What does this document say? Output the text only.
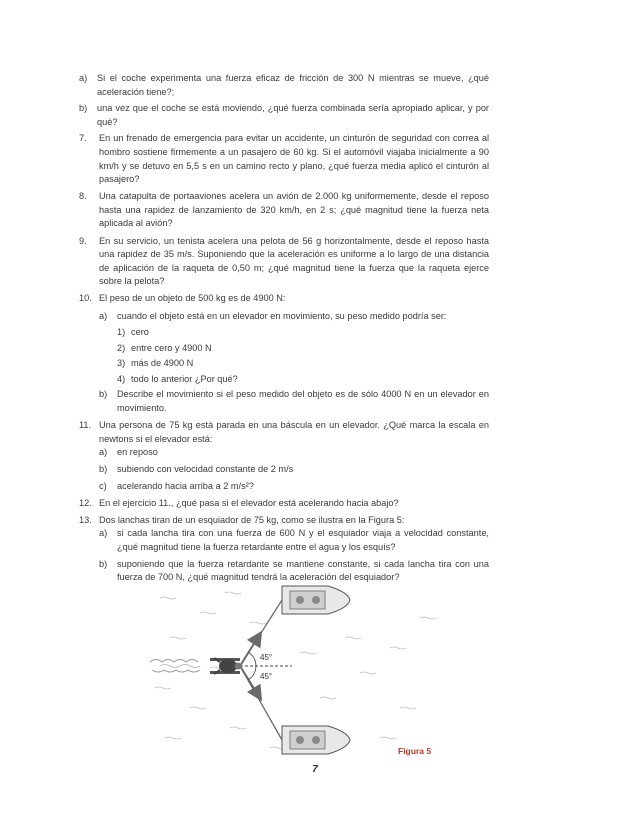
a) Si el coche experimenta una fuerza eficaz de fricción de 300 N mientras se mueve, ¿qué aceleración tiene?;
b) una vez que el coche se está moviendo, ¿qué fuerza combinada sería apropiado aplicar, y por qué?
7. En un frenado de emergencia para evitar un accidente, un cinturón de seguridad con correa al hombro sostiene firmemente a un pasajero de 60 kg. Si el automóvil viajaba inicialmente a 90 km/h y se detuvo en 5,5 s en un camino recto y plano, ¿qué fuerza media aplicó el cinturón al pasajero?
8. Una catapulta de portaaviones acelera un avión de 2.000 kg uniformemente, desde el reposo hasta una rapidez de lanzamiento de 320 km/h, en 2 s; ¿qué magnitud tiene la fuerza neta aplicada al avión?
9. En su servicio, un tenista acelera una pelota de 56 g horizontalmente, desde el reposo hasta una rapidez de 35 m/s. Suponiendo que la aceleración es uniforme a lo largo de una distancia de aplicación de la raqueta de 0,50 m; ¿qué magnitud tiene la fuerza que la raqueta ejerce sobre la pelota?
10. El peso de un objeto de 500 kg es de 4900 N:
a) cuando el objeto está en un elevador en movimiento, su peso medido podría ser:
1) cero
2) entre cero y 4900 N
3) más de 4900 N
4) todo lo anterior ¿Por qué?
b) Describe el movimiento si el peso medido del objeto es de sólo 4000 N en un elevador en movimiento.
11. Una persona de 75 kg está parada en una báscula en un elevador. ¿Qué marca la escala en newtons si el elevador está:
a) en reposo
b) subiendo con velocidad constante de 2 m/s
c) acelerando hacia arriba a 2 m/s²?
12. En el ejercicio 11., ¿qué pasa si el elevador está acelerando hacia abajo?
13. Dos lanchas tiran de un esquiador de 75 kg, como se ilustra en la Figura 5:
a) si cada lancha tira con una fuerza de 600 N y el esquiador viaja a velocidad constante, ¿qué magnitud tiene la fuerza retardante entre el agua y los esquís?
b) suponiendo que la fuerza retardante se mantiene constante, si cada lancha tira con una fuerza de 700 N, ¿qué magnitud tendrá la aceleración del esquiador?
45°
45°
Figura 5
7
